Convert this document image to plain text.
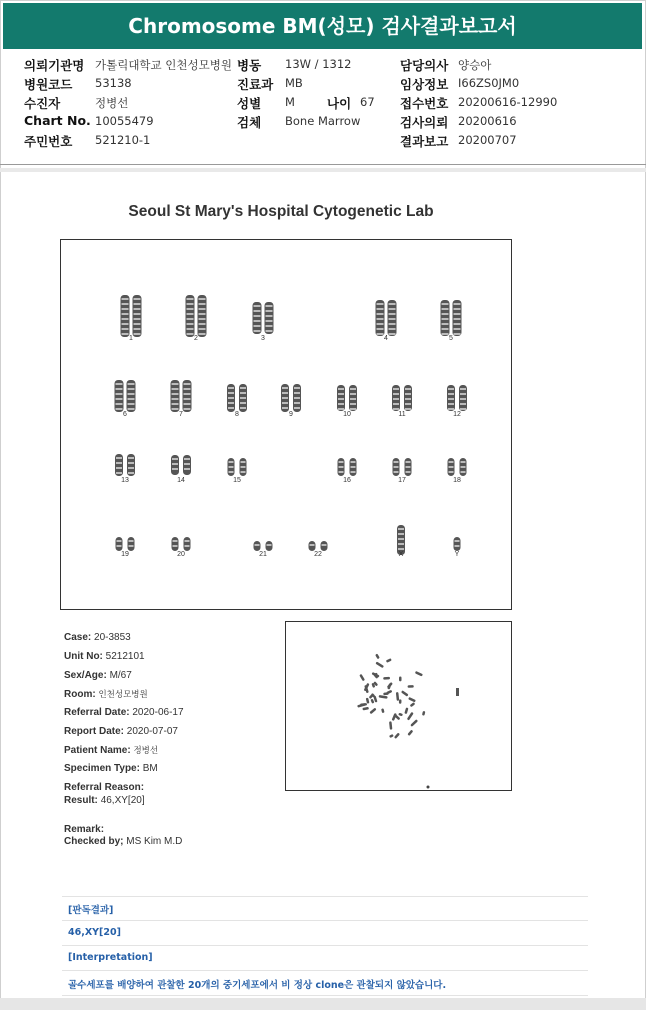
Chromosome BM(성모) 검사결과보고서
의뢰기관명 가톨릭대학교 인천성모병원 병동 13W / 1312	담당의사 양승아
병원코드 53138	진료과 MB	임상정보 I66ZS0JM0
수진자	정병선	성별 M	나이 67 접수번호 20200616-12990
Chart No. 10055479	검체 Bone Marrow	검사의뢰 20200616
주민번호 521210-1	결과보고 20200707
Seoul St Mary's Hospital Cytogenetic Lab
1	2	3	4	5
6	7	8	9	10	11	12
13	14	15	16	17	18
19	20	21	22	X	Y
Case: 20-3853
Unit No: 5212101
Sex/Age: M/67
Room: 인천성모병원
Referral Date: 2020-06-17
Report Date: 2020-07-07
Patient Name: 정병선
Specimen Type: BM
Referral Reason:
Result: 46,XY[20]
Remark:
Checked by; MS Kim M.D
[판독결과]
46,XY[20]
[Interpretation]
골수세포를 배양하여 관찰한 20개의 중기세포에서 비 정상 clone은 관찰되지 않았습니다.
